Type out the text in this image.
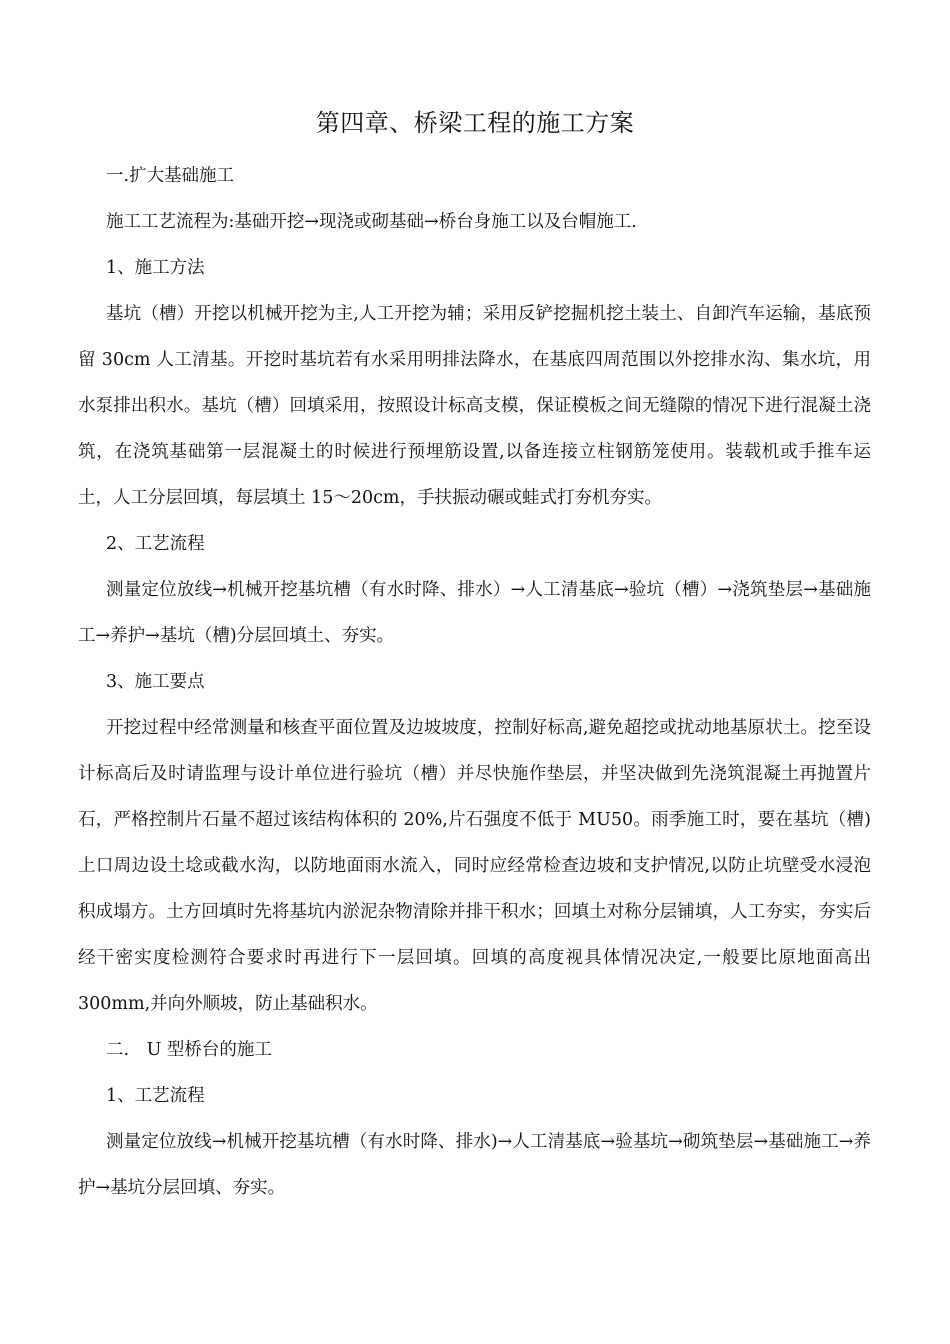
第四章、桥梁工程的施工方案

一.扩大基础施工

施工工艺流程为:基础开挖→现浇或砌基础→桥台身施工以及台帽施工.

1、施工方法

基坑（槽）开挖以机械开挖为主,人工开挖为辅；采用反铲挖掘机挖土装土、自卸汽车运输，基底预留 30cm 人工清基。开挖时基坑若有水采用明排法降水，在基底四周范围以外挖排水沟、集水坑，用水泵排出积水。基坑（槽）回填采用，按照设计标高支模，保证模板之间无缝隙的情况下进行混凝土浇筑，在浇筑基础第一层混凝土的时候进行预埋筋设置,以备连接立柱钢筋笼使用。装载机或手推车运土，人工分层回填，每层填土 15～20cm，手扶振动碾或蛙式打夯机夯实。

2、工艺流程

测量定位放线→机械开挖基坑槽（有水时降、排水）→人工清基底→验坑（槽）→浇筑垫层→基础施工→养护→基坑（槽)分层回填土、夯实。

3、施工要点

开挖过程中经常测量和核查平面位置及边坡坡度，控制好标高,避免超挖或扰动地基原状土。挖至设计标高后及时请监理与设计单位进行验坑（槽）并尽快施作垫层，并坚决做到先浇筑混凝土再抛置片石，严格控制片石量不超过该结构体积的 20%,片石强度不低于 MU50。雨季施工时，要在基坑（槽)上口周边设土埝或截水沟，以防地面雨水流入，同时应经常检查边坡和支护情况,以防止坑壁受水浸泡积成塌方。土方回填时先将基坑内淤泥杂物清除并排干积水；回填土对称分层铺填，人工夯实，夯实后经干密实度检测符合要求时再进行下一层回填。回填的高度视具体情况决定,一般要比原地面高出 300mm,并向外顺坡，防止基础积水。

二.　U 型桥台的施工

1、工艺流程

测量定位放线→机械开挖基坑槽（有水时降、排水)→人工清基底→验基坑→砌筑垫层→基础施工→养护→基坑分层回填、夯实。
